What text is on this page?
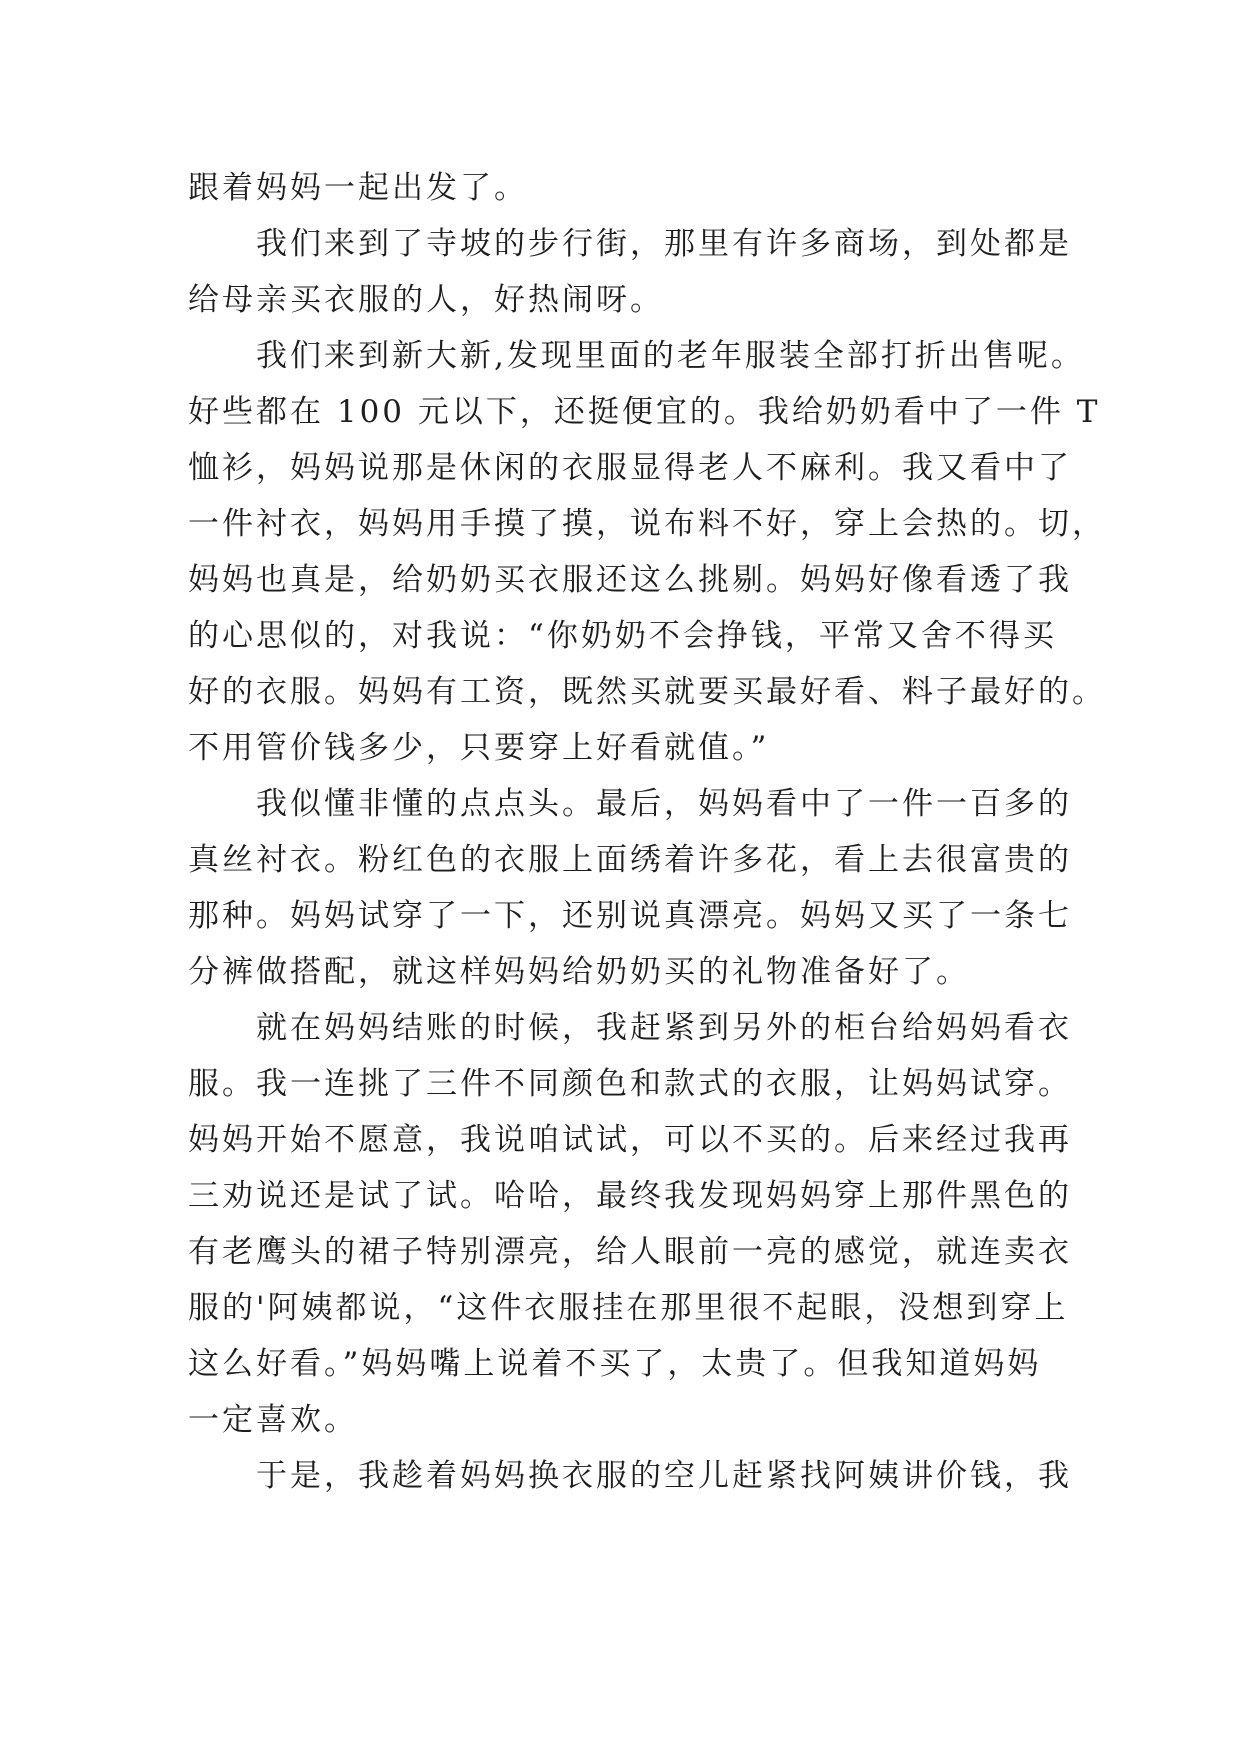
跟着妈妈一起出发了。
我们来到了寺坡的步行街，那里有许多商场，到处都是
给母亲买衣服的人，好热闹呀。
我们来到新大新,发现里面的老年服装全部打折出售呢。
好些都在 100 元以下，还挺便宜的。我给奶奶看中了一件 T
恤衫，妈妈说那是休闲的衣服显得老人不麻利。我又看中了
一件衬衣，妈妈用手摸了摸，说布料不好，穿上会热的。切，
妈妈也真是，给奶奶买衣服还这么挑剔。妈妈好像看透了我
的心思似的，对我说：“你奶奶不会挣钱，平常又舍不得买
好的衣服。妈妈有工资，既然买就要买最好看、料子最好的。
不用管价钱多少，只要穿上好看就值。”
我似懂非懂的点点头。最后，妈妈看中了一件一百多的
真丝衬衣。粉红色的衣服上面绣着许多花，看上去很富贵的
那种。妈妈试穿了一下，还别说真漂亮。妈妈又买了一条七
分裤做搭配，就这样妈妈给奶奶买的礼物准备好了。
就在妈妈结账的时候，我赶紧到另外的柜台给妈妈看衣
服。我一连挑了三件不同颜色和款式的衣服，让妈妈试穿。
妈妈开始不愿意，我说咱试试，可以不买的。后来经过我再
三劝说还是试了试。哈哈，最终我发现妈妈穿上那件黑色的
有老鹰头的裙子特别漂亮，给人眼前一亮的感觉，就连卖衣
服的'阿姨都说，“这件衣服挂在那里很不起眼，没想到穿上
这么好看。”妈妈嘴上说着不买了，太贵了。但我知道妈妈
一定喜欢。
于是，我趁着妈妈换衣服的空儿赶紧找阿姨讲价钱，我
